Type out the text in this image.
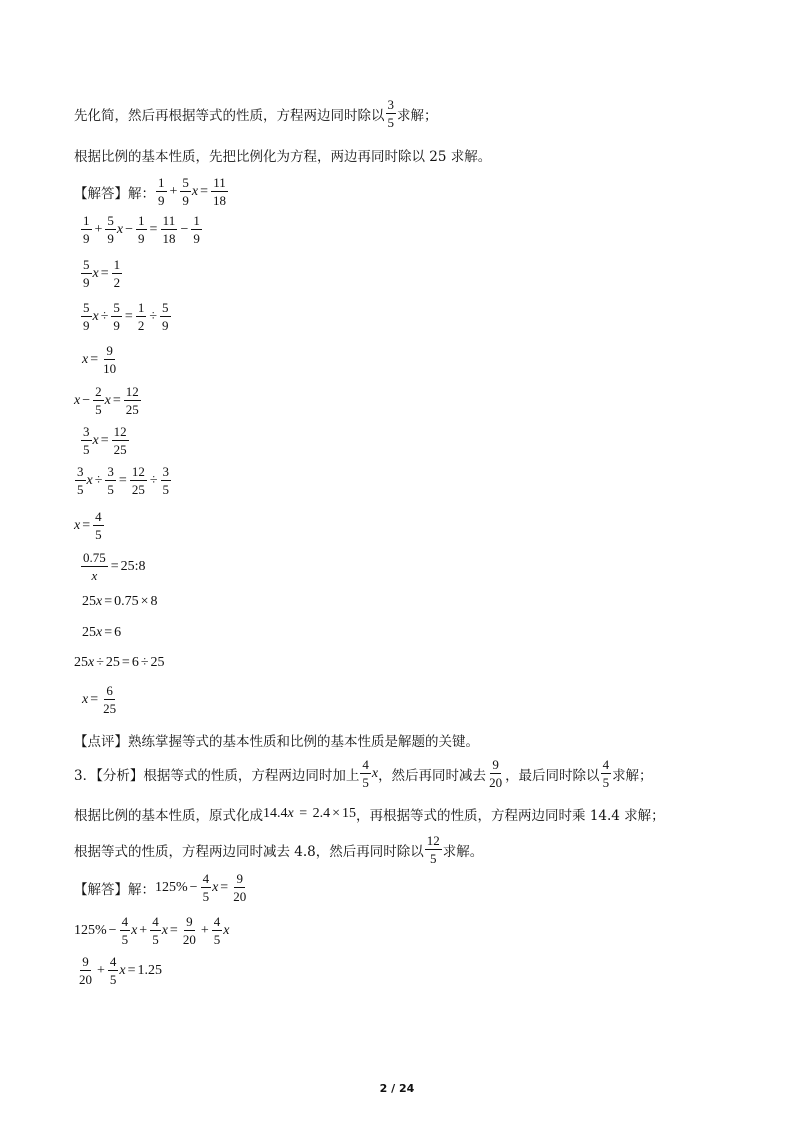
先化简，然后再根据等式的性质，方程两边同时除以 $\frac{3}{5}$ 求解；
根据比例的基本性质，先把比例化为方程，两边再同时除以 25 求解。
【解答】解： $\frac{1}{9} + \frac{5}{9}$ $x = \frac{11}{18}$
$\frac{1}{9} + \frac{5}{9}$ $x - \frac{1}{9} = \frac{11}{18} - \frac{1}{9}$
$\frac{5}{9}$ $x = \frac{1}{2}$
$\frac{5}{9}$ $x \div \frac{5}{9} = \frac{1}{2} \div \frac{5}{9}$
$x = \frac{9}{10}$
$x - \frac{2}{5}$ $x = \frac{12}{25}$
$\frac{3}{5}$ $x = \frac{12}{25}$
$\frac{3}{5}$ $x \div \frac{3}{5} = \frac{12}{25} \div \frac{3}{5}$
$x = \frac{4}{5}$
$\frac{0.75}{x} = 25$ : 8
25 x = 0.75 × 8
25 x = 6
25 x ÷ 25 = 6 ÷ 25
$x = \frac{6}{25}$
【点评】熟练掌握等式的基本性质和比例的基本性质是解题的关键。
3．【分析】根据等式的性质，方程两边同时加上 $\frac{4}{5}$ x ，然后再同时减去 $\frac{9}{20}$ ，最后同时除以 $\frac{4}{5}$ 求解；
根据比例的基本性质，原式化成 14.4x = 2.4 × 15 ，再根据等式的性质，方程两边同时乘 14.4 求解；
根据等式的性质，方程两边同时减去 4.8，然后再同时除以 $\frac{12}{5}$ 求解。
【解答】解： $125\% - \frac{4}{5}$ $x = \frac{9}{20}$
$125\% - \frac{4}{5}$ $x + \frac{4}{5}$ $x = \frac{9}{20} + \frac{4}{5}$ x
$\frac{9}{20} + \frac{4}{5}$ x = 1.25
2 / 24
